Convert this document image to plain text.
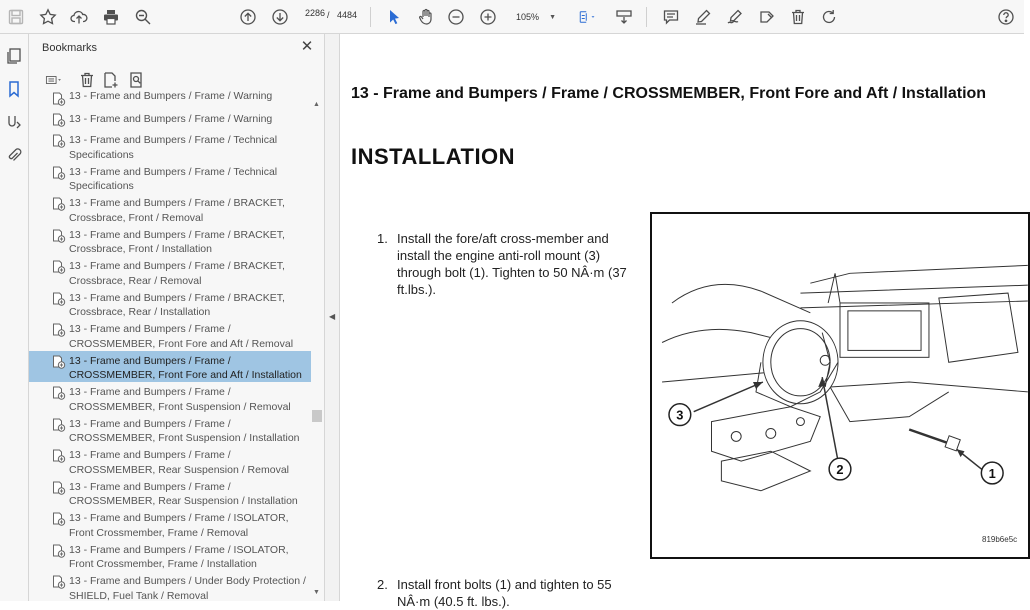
2286 / 4484	105% ▼
Bookmarks	✕
13 - Frame and Bumpers / Frame / Warning
13 - Frame and Bumpers / Frame / Warning
13 - Frame and Bumpers / Frame / Technical Specifications
13 - Frame and Bumpers / Frame / Technical Specifications
13 - Frame and Bumpers / Frame / BRACKET, Crossbrace, Front / Removal
13 - Frame and Bumpers / Frame / BRACKET, Crossbrace, Front / Installation
13 - Frame and Bumpers / Frame / BRACKET, Crossbrace, Rear / Removal
13 - Frame and Bumpers / Frame / BRACKET, Crossbrace, Rear / Installation
13 - Frame and Bumpers / Frame / CROSSMEMBER, Front Fore and Aft / Removal
13 - Frame and Bumpers / Frame / CROSSMEMBER, Front Fore and Aft / Installation
13 - Frame and Bumpers / Frame / CROSSMEMBER, Front Suspension / Removal
13 - Frame and Bumpers / Frame / CROSSMEMBER, Front Suspension / Installation
13 - Frame and Bumpers / Frame / CROSSMEMBER, Rear Suspension / Removal
13 - Frame and Bumpers / Frame / CROSSMEMBER, Rear Suspension / Installation
13 - Frame and Bumpers / Frame / ISOLATOR, Front Crossmember, Frame / Removal
13 - Frame and Bumpers / Frame / ISOLATOR, Front Crossmember, Frame / Installation
13 - Frame and Bumpers / Under Body Protection / SHIELD, Fuel Tank / Removal
▲
▼
◀
13 - Frame and Bumpers / Frame / CROSSMEMBER, Front Fore and Aft / Installation
INSTALLATION
1. Install the fore/aft cross-member and install the engine anti-roll mount (3) through bolt (1). Tighten to 50 NÂ·m (37 ft.lbs.).
3
2	1
819b6e5c
2. Install front bolts (1) and tighten to 55 NÂ·m (40.5 ft. lbs.).
